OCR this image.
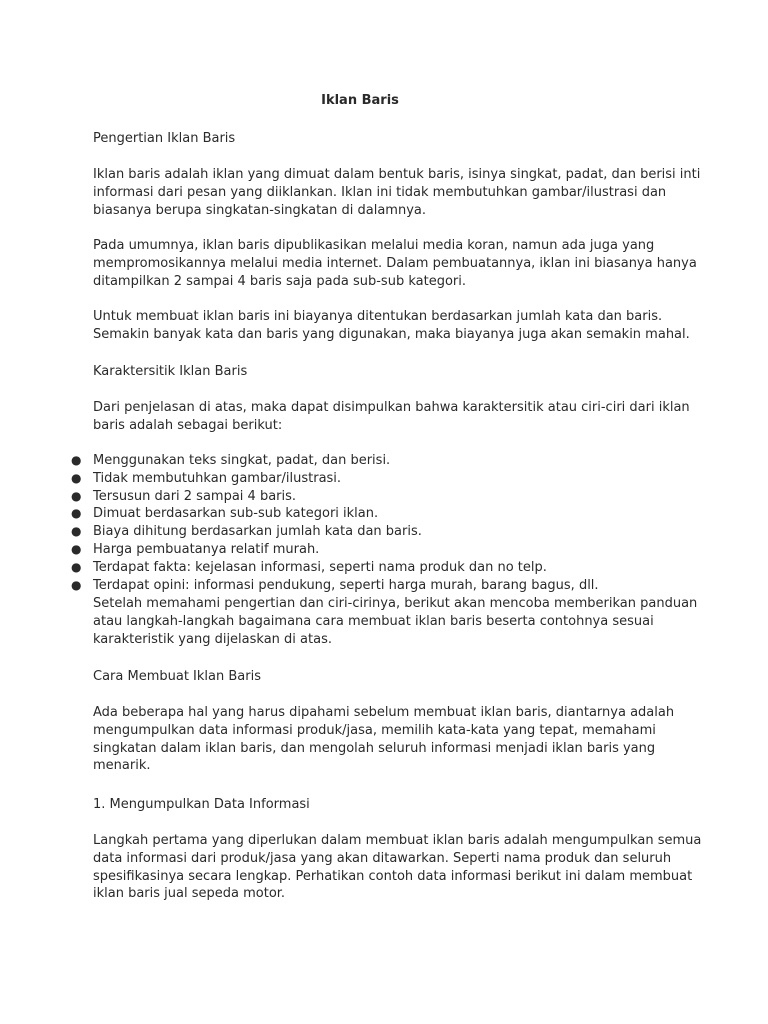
Iklan Baris
Pengertian Iklan Baris
Iklan baris adalah iklan yang dimuat dalam bentuk baris, isinya singkat, padat, dan berisi inti
informasi dari pesan yang diiklankan. Iklan ini tidak membutuhkan gambar/ilustrasi dan
biasanya berupa singkatan-singkatan di dalamnya.
Pada umumnya, iklan baris dipublikasikan melalui media koran, namun ada juga yang
mempromosikannya melalui media internet. Dalam pembuatannya, iklan ini biasanya hanya
ditampilkan 2 sampai 4 baris saja pada sub-sub kategori.
Untuk membuat iklan baris ini biayanya ditentukan berdasarkan jumlah kata dan baris.
Semakin banyak kata dan baris yang digunakan, maka biayanya juga akan semakin mahal.
Karaktersitik Iklan Baris
Dari penjelasan di atas, maka dapat disimpulkan bahwa karaktersitik atau ciri-ciri dari iklan
baris adalah sebagai berikut:
● Menggunakan teks singkat, padat, dan berisi.
● Tidak membutuhkan gambar/ilustrasi.
● Tersusun dari 2 sampai 4 baris.
● Dimuat berdasarkan sub-sub kategori iklan.
● Biaya dihitung berdasarkan jumlah kata dan baris.
● Harga pembuatanya relatif murah.
● Terdapat fakta: kejelasan informasi, seperti nama produk dan no telp.
● Terdapat opini: informasi pendukung, seperti harga murah, barang bagus, dll.
Setelah memahami pengertian dan ciri-cirinya, berikut akan mencoba memberikan panduan
atau langkah-langkah bagaimana cara membuat iklan baris beserta contohnya sesuai
karakteristik yang dijelaskan di atas.
Cara Membuat Iklan Baris
Ada beberapa hal yang harus dipahami sebelum membuat iklan baris, diantarnya adalah
mengumpulkan data informasi produk/jasa, memilih kata-kata yang tepat, memahami
singkatan dalam iklan baris, dan mengolah seluruh informasi menjadi iklan baris yang
menarik.
1. Mengumpulkan Data Informasi
Langkah pertama yang diperlukan dalam membuat iklan baris adalah mengumpulkan semua
data informasi dari produk/jasa yang akan ditawarkan. Seperti nama produk dan seluruh
spesifikasinya secara lengkap. Perhatikan contoh data informasi berikut ini dalam membuat
iklan baris jual sepeda motor.
